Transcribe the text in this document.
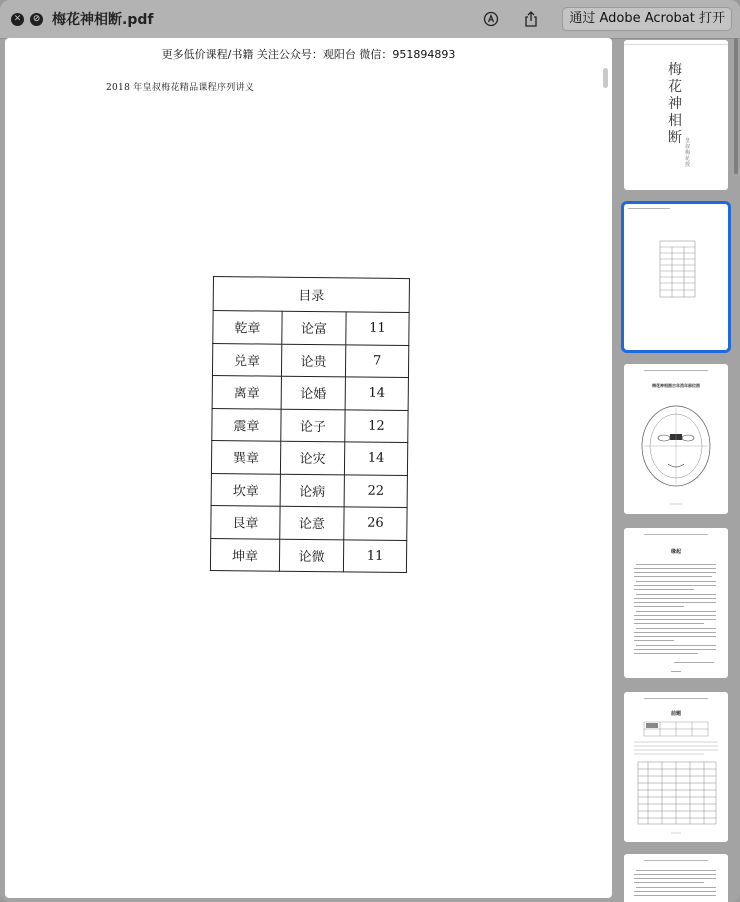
✕	⊘ 梅花神相断.pdf	通过 Adobe Acrobat 打开
更多低价课程/书籍 关注公众号：观阳台 微信：951894893
2018 年皇叔梅花精品课程序列讲义
目录		
乾章	论富	11
兑章	论贵	7
离章	论婚	14
震章	论子	12
巽章	论灾	14
坎章	论病	22
艮章	论意	26
坤章	论微	11
梅花神相断 皇叔 梅花 授
梅花神相图古年流年部位图
缘起
前题
